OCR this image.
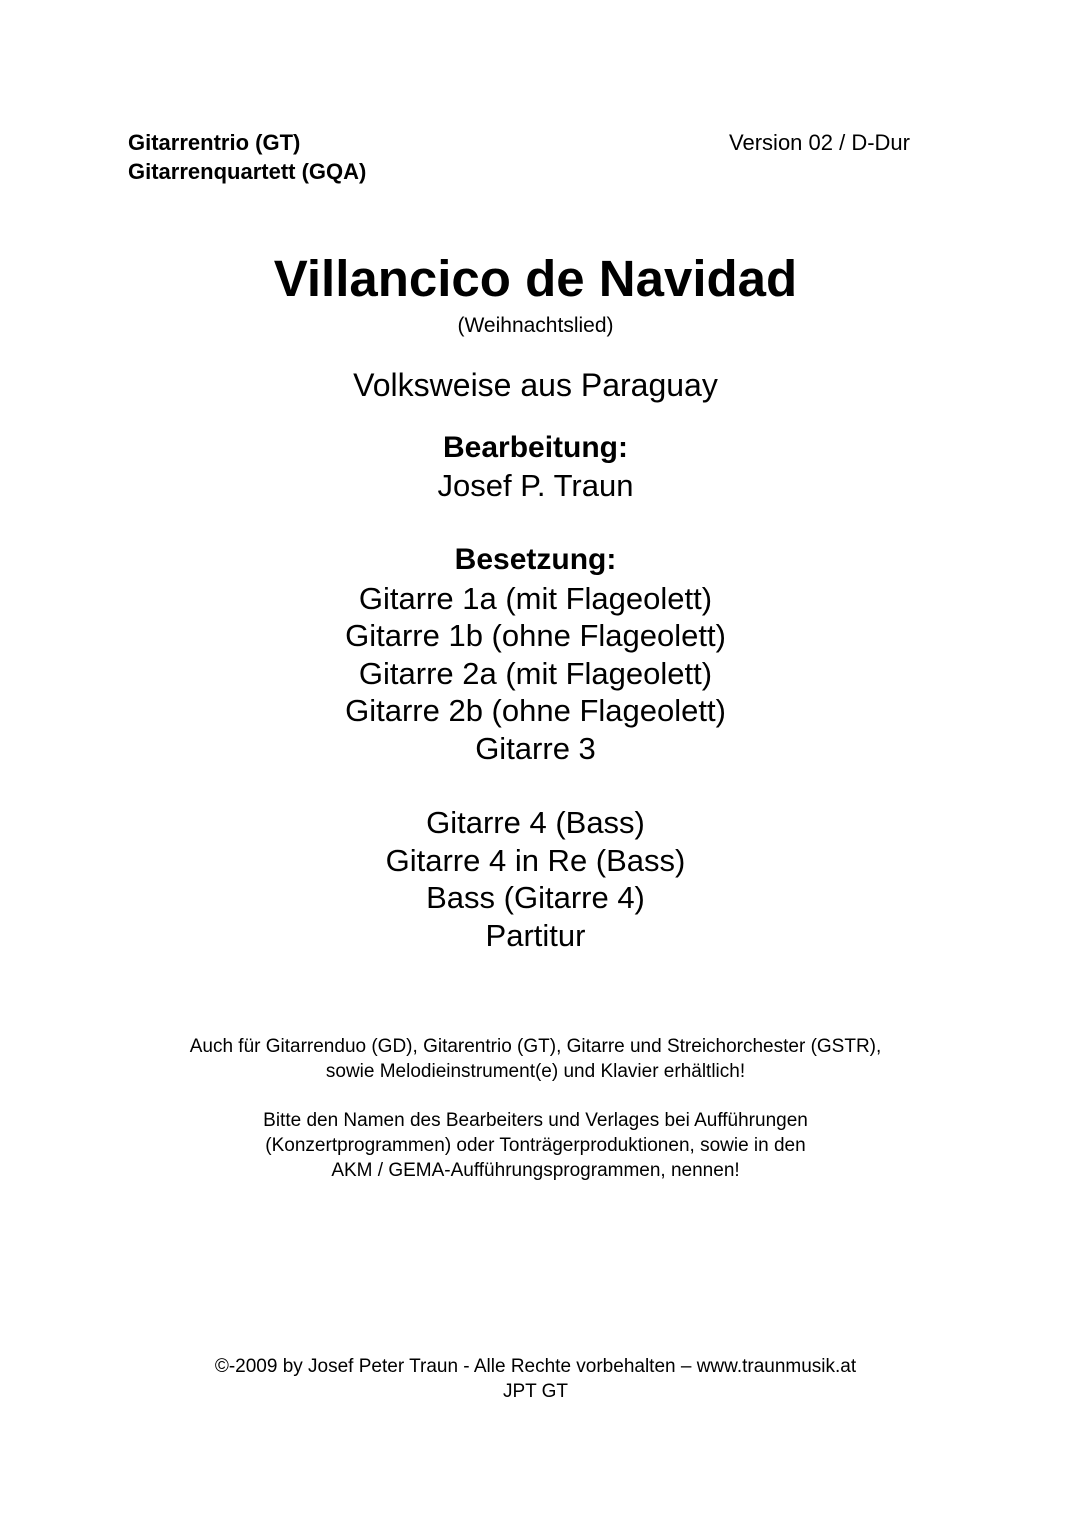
Gitarrentrio (GT)
Gitarrenquartett (GQA)
Version 02 / D-Dur
Villancico de Navidad
(Weihnachtslied)
Volksweise aus Paraguay
Bearbeitung:
Josef P. Traun
Besetzung:
Gitarre 1a (mit Flageolett)
Gitarre 1b (ohne Flageolett)
Gitarre 2a (mit Flageolett)
Gitarre 2b (ohne Flageolett)
Gitarre 3
Gitarre 4 (Bass)
Gitarre 4 in Re (Bass)
Bass (Gitarre 4)
Partitur
Auch für Gitarrenduo (GD), Gitarentrio (GT), Gitarre und Streichorchester (GSTR),
sowie Melodieinstrument(e) und Klavier erhältlich!
Bitte den Namen des Bearbeiters und Verlages bei Aufführungen
(Konzertprogrammen) oder Tonträgerproduktionen, sowie in den
AKM / GEMA-Aufführungsprogrammen, nennen!
©-2009 by Josef Peter Traun - Alle Rechte vorbehalten – www.traunmusik.at
JPT GT
